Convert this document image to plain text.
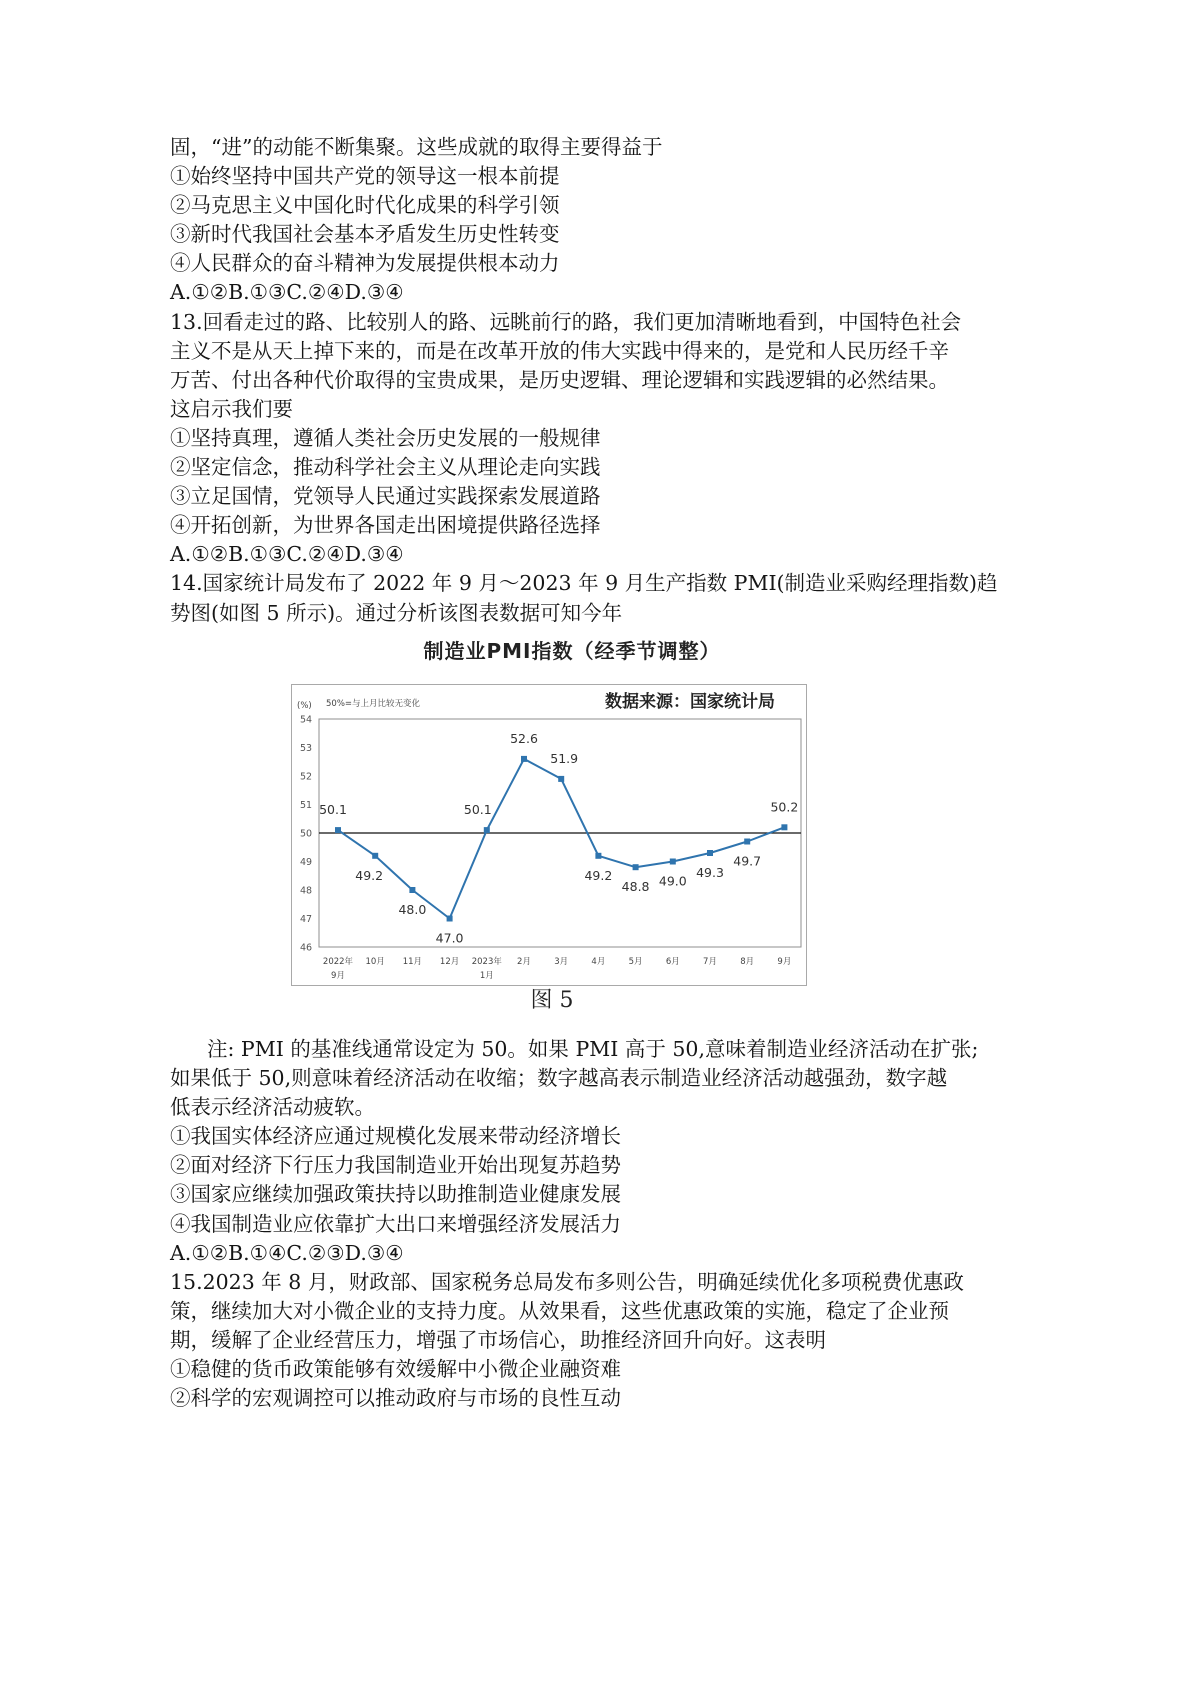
固，“进”的动能不断集聚。这些成就的取得主要得益于
①始终坚持中国共产党的领导这一根本前提
②马克思主义中国化时代化成果的科学引领
③新时代我国社会基本矛盾发生历史性转变
④人民群众的奋斗精神为发展提供根本动力
A.①②B.①③C.②④D.③④
13.回看走过的路、比较别人的路、远眺前行的路，我们更加清晰地看到，中国特色社会
主义不是从天上掉下来的，而是在改革开放的伟大实践中得来的，是党和人民历经千辛
万苦、付出各种代价取得的宝贵成果，是历史逻辑、理论逻辑和实践逻辑的必然结果。
这启示我们要
①坚持真理，遵循人类社会历史发展的一般规律
②坚定信念，推动科学社会主义从理论走向实践
③立足国情，党领导人民通过实践探索发展道路
④开拓创新，为世界各国走出困境提供路径选择
A.①②B.①③C.②④D.③④
14.国家统计局发布了 2022 年 9 月～2023 年 9 月生产指数 PMI(制造业采购经理指数)趋
势图(如图 5 所示)。通过分析该图表数据可知今年
制造业PMI指数（经季节调整）
54
53
52
51
50
49
48
47
46
50.1
49.2
48.0
47.0
50.1
52.6
51.9
49.2
48.8 49.0
49.3
49.7
50.2
(%) 50%=与上月比较无变化	数据来源：国家统计局
2022年
9月
10月	11月	12月	2023年
1月
2月	3月	4月	5月	6月	7月	8月	9月
图 5
注: PMI 的基准线通常设定为 50。如果 PMI 高于 50,意味着制造业经济活动在扩张;
如果低于 50,则意味着经济活动在收缩；数字越高表示制造业经济活动越强劲，数字越
低表示经济活动疲软。
①我国实体经济应通过规模化发展来带动经济增长
②面对经济下行压力我国制造业开始出现复苏趋势
③国家应继续加强政策扶持以助推制造业健康发展
④我国制造业应依靠扩大出口来增强经济发展活力
A.①②B.①④C.②③D.③④
15.2023 年 8 月，财政部、国家税务总局发布多则公告，明确延续优化多项税费优惠政
策，继续加大对小微企业的支持力度。从效果看，这些优惠政策的实施，稳定了企业预
期，缓解了企业经营压力，增强了市场信心，助推经济回升向好。这表明
①稳健的货币政策能够有效缓解中小微企业融资难
②科学的宏观调控可以推动政府与市场的良性互动
